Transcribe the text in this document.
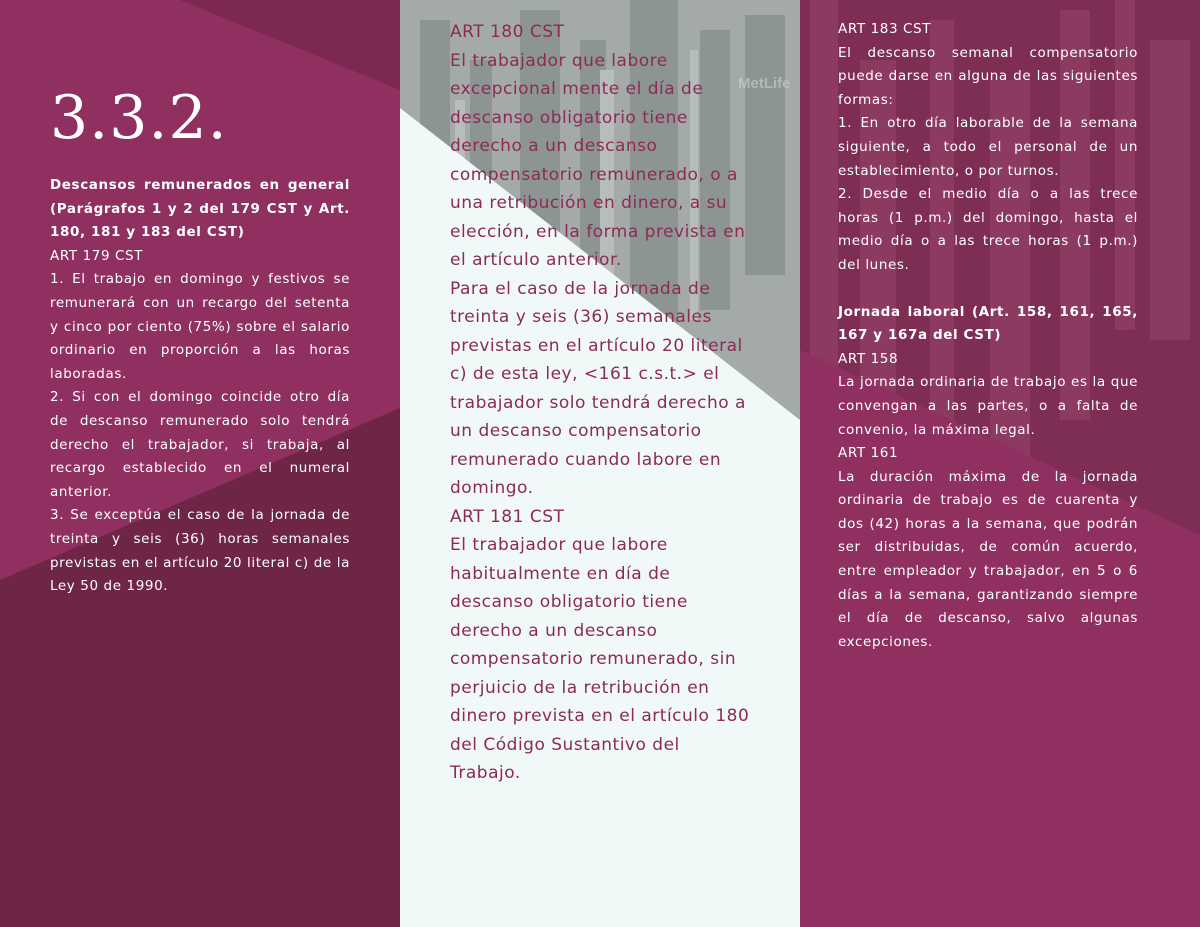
MetLife
3.3.2.

Descansos remunerados en general (Parágrafos 1 y 2 del 179 CST y Art. 180, 181 y 183 del CST)

ART 179 CST

1. El trabajo en domingo y festivos se remunerará con un recargo del setenta y cinco por ciento (75%) sobre el salario ordinario en proporción a las horas laboradas.

2. Si con el domingo coincide otro día de descanso remunerado solo tendrá derecho el trabajador, si trabaja, al recargo establecido en el numeral anterior.

3. Se exceptúa el caso de la jornada de treinta y seis (36) horas semanales previstas en el artículo 20 literal c) de la Ley 50 de 1990.

ART 180 CST

El trabajador que labore excepcional mente el día de descanso obligatorio tiene derecho a un descanso compensatorio remunerado, o a una retribución en dinero, a su elección, en la forma prevista en el artículo anterior.

Para el caso de la jornada de treinta y seis (36) semanales previstas en el artículo 20 literal c) de esta ley, <161 c.s.t.> el trabajador solo tendrá derecho a un descanso compensatorio remunerado cuando labore en domingo.

ART 181 CST

El trabajador que labore habitualmente en día de descanso obligatorio tiene derecho a un descanso compensatorio remunerado, sin perjuicio de la retribución en dinero prevista en el artículo 180 del Código Sustantivo del Trabajo.

ART 183 CST

El descanso semanal compensatorio puede darse en alguna de las siguientes formas:

1. En otro día laborable de la semana siguiente, a todo el personal de un establecimiento, o por turnos.

2. Desde el medio día o a las trece horas (1 p.m.) del domingo, hasta el medio día o a las trece horas (1 p.m.) del lunes.

Jornada laboral (Art. 158, 161, 165, 167 y 167a del CST)

ART 158

La jornada ordinaria de trabajo es la que convengan a las partes, o a falta de convenio, la máxima legal.

ART 161

La duración máxima de la jornada ordinaria de trabajo es de cuarenta y dos (42) horas a la semana, que podrán ser distribuidas, de común acuerdo, entre empleador y trabajador, en 5 o 6 días a la semana, garantizando siempre el día de descanso, salvo algunas excepciones.
